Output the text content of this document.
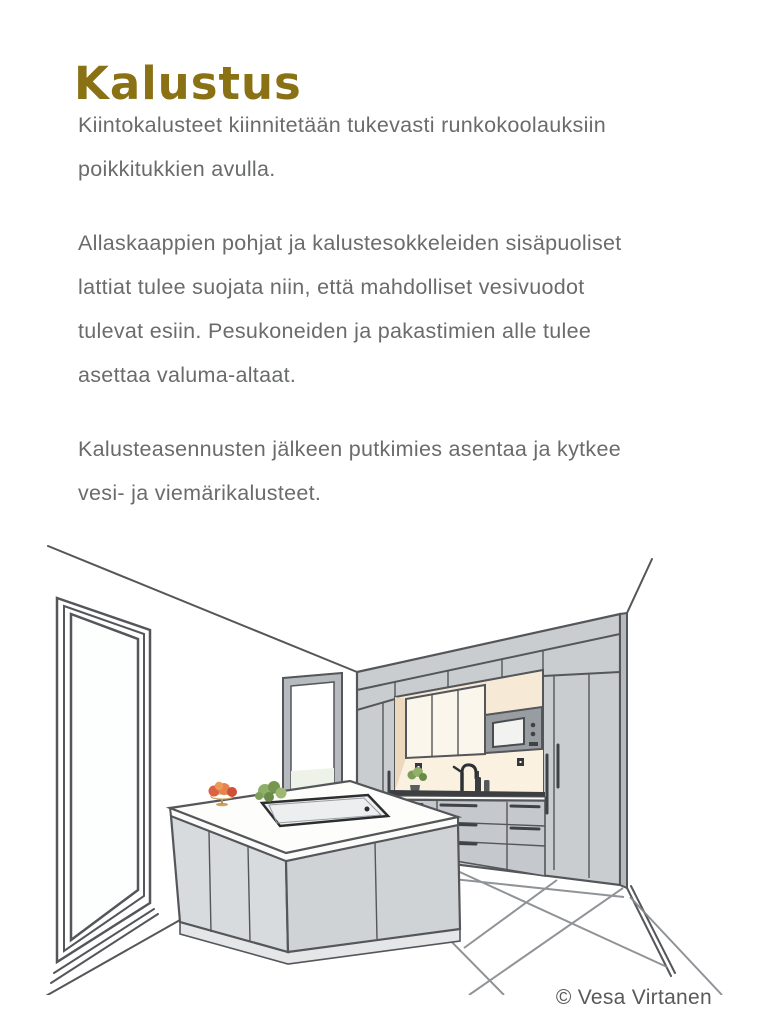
Kalustus
Kiintokalusteet kiinnitetään tukevasti runkokoolauksiin
poikkitukkien avulla.
Allaskaappien pohjat ja kalustesokkeleiden sisäpuoliset
lattiat tulee suojata niin, että mahdolliset vesivuodot
tulevat esiin. Pesukoneiden ja pakastimien alle tulee
asettaa valuma-altaat.
Kalusteasennusten jälkeen putkimies asentaa ja kytkee
vesi- ja viemärikalusteet.
© Vesa Virtanen
